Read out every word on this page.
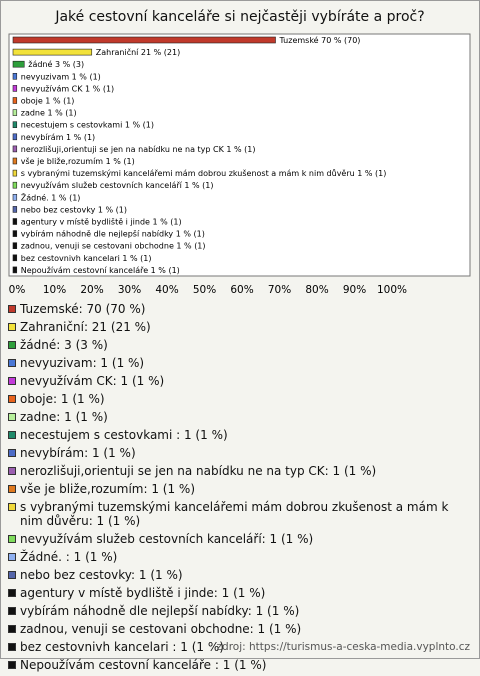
Jaké cestovní kanceláře si nejčastěji vybíráte a proč?
Tuzemské 70 % (70)
Zahraniční 21 % (21)
žádné 3 % (3)
nevyuzivam 1 % (1)
nevyužívám CK 1 % (1)
oboje 1 % (1)
zadne 1 % (1)
necestujem s cestovkami 1 % (1)
nevybírám 1 % (1)
nerozlišuji,orientuji se jen na nabídku ne na typ CK 1 % (1)
vše je bliže,rozumím 1 % (1)
s vybranými tuzemskými kancelářemi mám dobrou zkušenost a mám k nim důvěru 1 % (1)
nevyužívám služeb cestovních kanceláří 1 % (1)
Žádné. 1 % (1)
nebo bez cestovky 1 % (1)
agentury v místě bydliště i jinde 1 % (1)
vybírám náhodně dle nejlepší nabídky 1 % (1)
zadnou, venuji se cestovani obchodne 1 % (1)
bez cestovnivh kancelari 1 % (1)
Nepoužívám cestovní kanceláře 1 % (1)
0% 10% 20% 30% 40% 50% 60% 70% 80% 90% 100%
Tuzemské: 70 (70 %)
Zahraniční: 21 (21 %)
žádné: 3 (3 %)
nevyuzivam: 1 (1 %)
nevyužívám CK: 1 (1 %)
oboje: 1 (1 %)
zadne: 1 (1 %)
necestujem s cestovkami : 1 (1 %)
nevybírám: 1 (1 %)
nerozlišuji,orientuji se jen na nabídku ne na typ CK: 1 (1 %)
vše je bliže,rozumím: 1 (1 %)
s vybranými tuzemskými kancelářemi mám dobrou zkušenost a mám k nim důvěru: 1 (1 %)
nevyužívám služeb cestovních kanceláří: 1 (1 %)
Žádné. : 1 (1 %)
nebo bez cestovky: 1 (1 %)
agentury v místě bydliště i jinde: 1 (1 %)
vybírám náhodně dle nejlepší nabídky: 1 (1 %)
zadnou, venuji se cestovani obchodne: 1 (1 %)
bez cestovnivh kancelari : 1 (1 %)
Nepoužívám cestovní kanceláře : 1 (1 %)
zdroj: https://turismus-a-ceska-media.vyplnto.cz
